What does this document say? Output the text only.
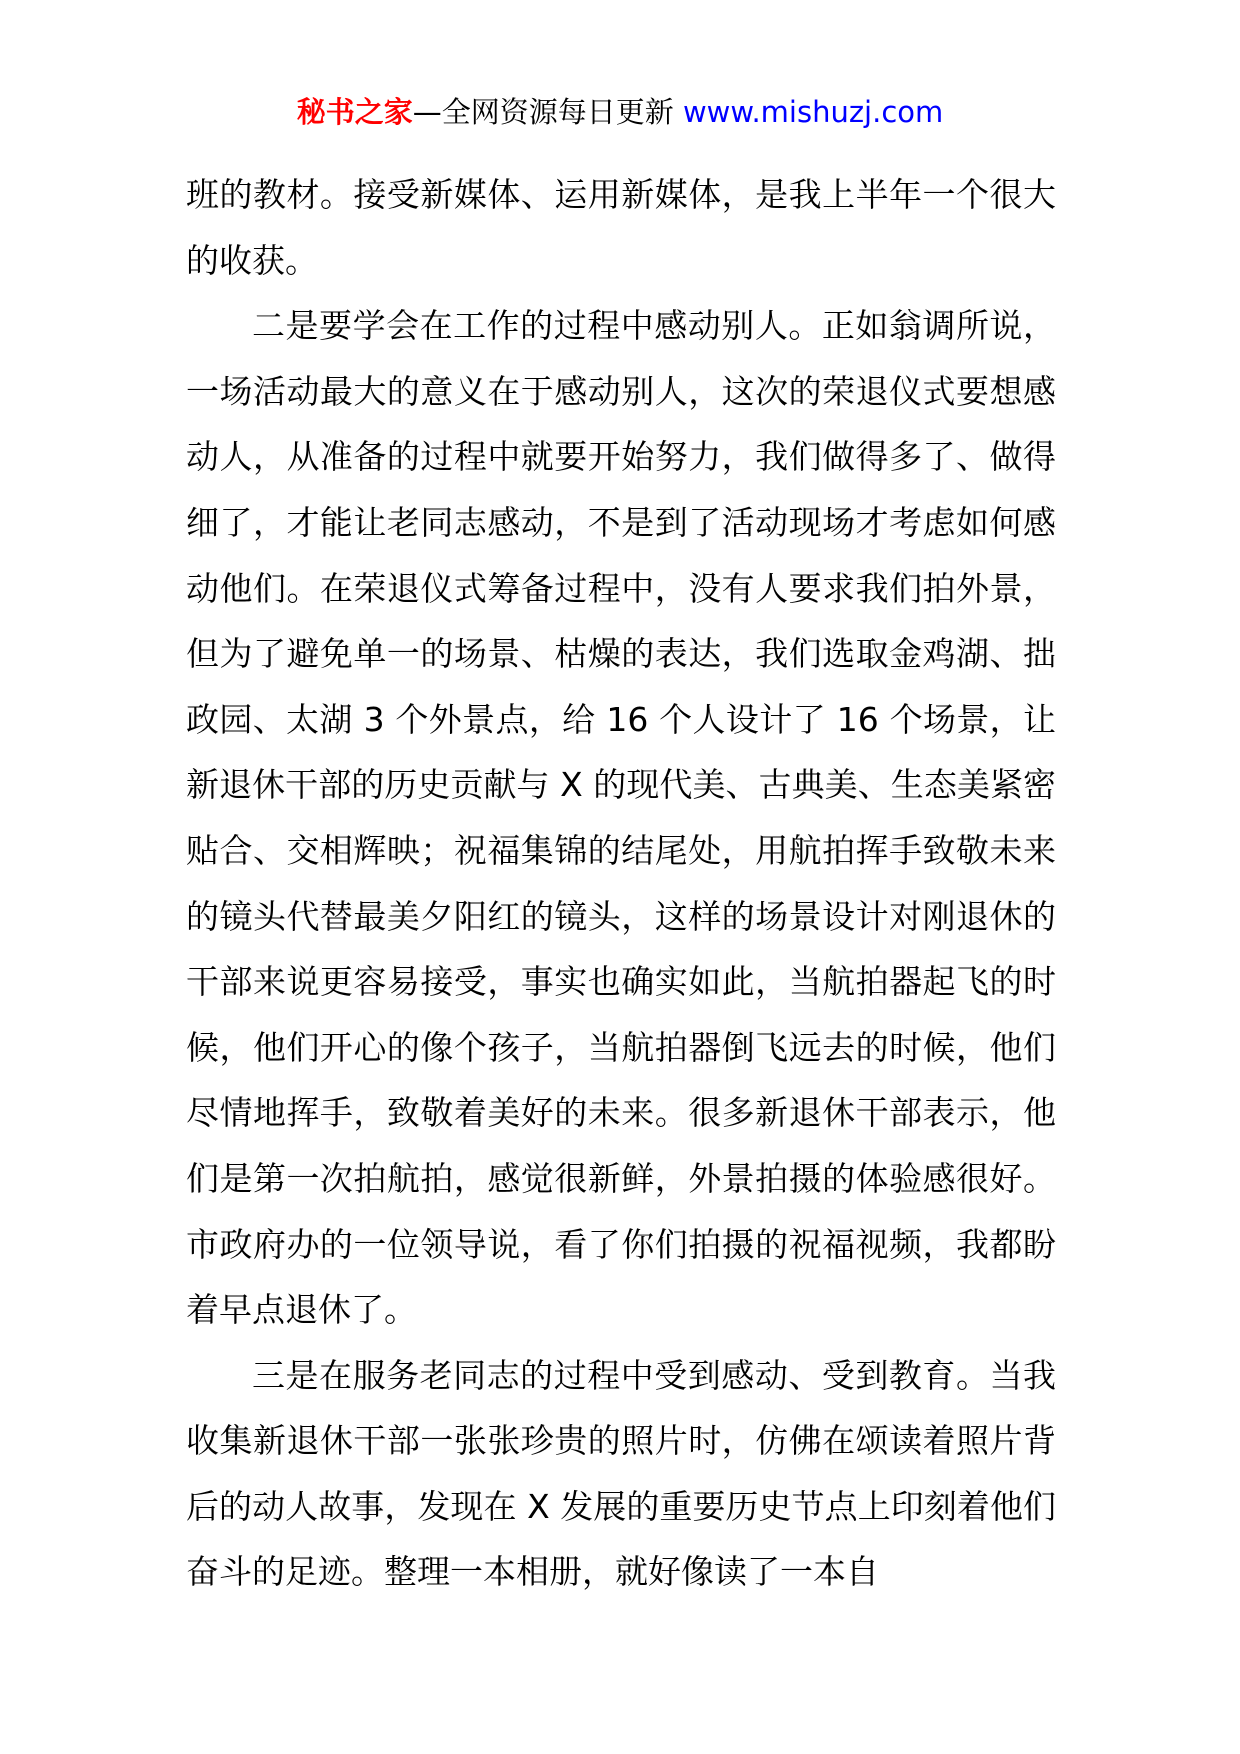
秘书之家—全网资源每日更新 www.mishuzj.com

班的教材。接受新媒体、运用新媒体，是我上半年一个很大的收获。

二是要学会在工作的过程中感动别人。正如翁调所说，一场活动最大的意义在于感动别人，这次的荣退仪式要想感动人，从准备的过程中就要开始努力，我们做得多了、做得细了，才能让老同志感动，不是到了活动现场才考虑如何感动他们。在荣退仪式筹备过程中，没有人要求我们拍外景，但为了避免单一的场景、枯燥的表达，我们选取金鸡湖、拙政园、太湖 3 个外景点，给 16 个人设计了 16 个场景，让新退休干部的历史贡献与 X 的现代美、古典美、生态美紧密贴合、交相辉映；祝福集锦的结尾处，用航拍挥手致敬未来的镜头代替最美夕阳红的镜头，这样的场景设计对刚退休的干部来说更容易接受，事实也确实如此，当航拍器起飞的时候，他们开心的像个孩子，当航拍器倒飞远去的时候，他们尽情地挥手，致敬着美好的未来。很多新退休干部表示，他们是第一次拍航拍，感觉很新鲜，外景拍摄的体验感很好。市政府办的一位领导说，看了你们拍摄的祝福视频，我都盼着早点退休了。

三是在服务老同志的过程中受到感动、受到教育。当我收集新退休干部一张张珍贵的照片时，仿佛在颂读着照片背后的动人故事，发现在 X 发展的重要历史节点上印刻着他们奋斗的足迹。整理一本相册，就好像读了一本自
